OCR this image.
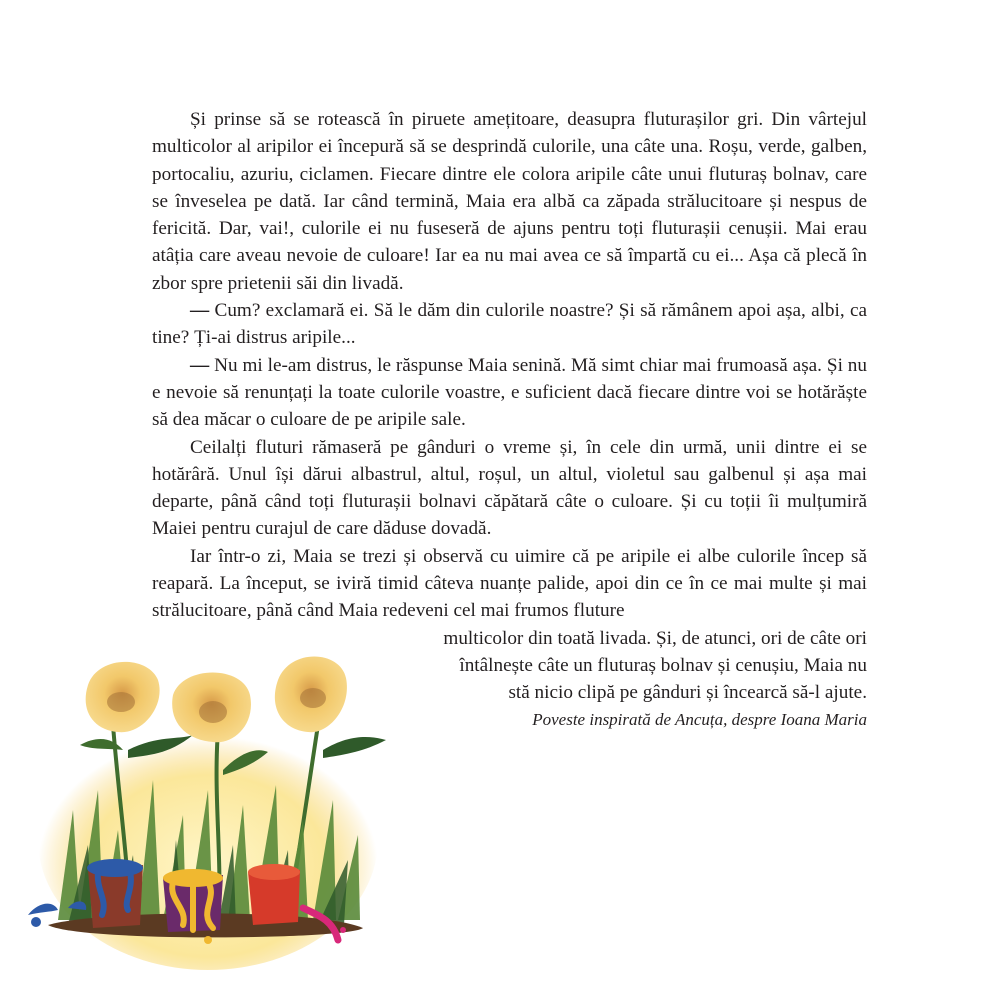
Și prinse să se rotească în piruete amețitoare, deasupra fluturașilor gri. Din vârtejul multicolor al aripilor ei începură să se desprindă culorile, una câte una. Roșu, verde, galben, portocaliu, azuriu, ciclamen. Fiecare dintre ele colora aripile câte unui fluturaș bolnav, care se înveselea pe dată. Iar când termină, Maia era albă ca zăpada strălucitoare și nespus de fericită. Dar, vai!, culorile ei nu fuseseră de ajuns pentru toți fluturașii cenușii. Mai erau atâția care aveau nevoie de culoare! Iar ea nu mai avea ce să împartă cu ei... Așa că plecă în zbor spre prietenii săi din livadă.

— Cum? exclamară ei. Să le dăm din culorile noastre? Și să rămânem apoi așa, albi, ca tine? Ți-ai distrus aripile...

— Nu mi le-am distrus, le răspunse Maia senină. Mă simt chiar mai frumoasă așa. Și nu e nevoie să renunțați la toate culorile voastre, e suficient dacă fiecare dintre voi se hotărăște să dea măcar o culoare de pe aripile sale.

Ceilalți fluturi rămaseră pe gânduri o vreme și, în cele din urmă, unii dintre ei se hotărâră. Unul își dărui albastrul, altul, roșul, un altul, violetul sau galbenul și așa mai departe, până când toți fluturașii bolnavi căpătară câte o culoare. Și cu toții îi mulțumiră Maiei pentru curajul de care dăduse dovadă.

Iar într-o zi, Maia se trezi și observă cu uimire că pe aripile ei albe culorile încep să reapară. La început, se iviră timid câteva nuanțe palide, apoi din ce în ce mai multe și mai strălucitoare, până când Maia redeveni cel mai frumos fluture

multicolor din toată livada. Și, de atunci, ori de câte ori
întâlnește câte un fluturaș bolnav și cenușiu, Maia nu
stă nicio clipă pe gânduri și încearcă să-l ajute.

Poveste inspirată de Ancuța, despre Ioana Maria
